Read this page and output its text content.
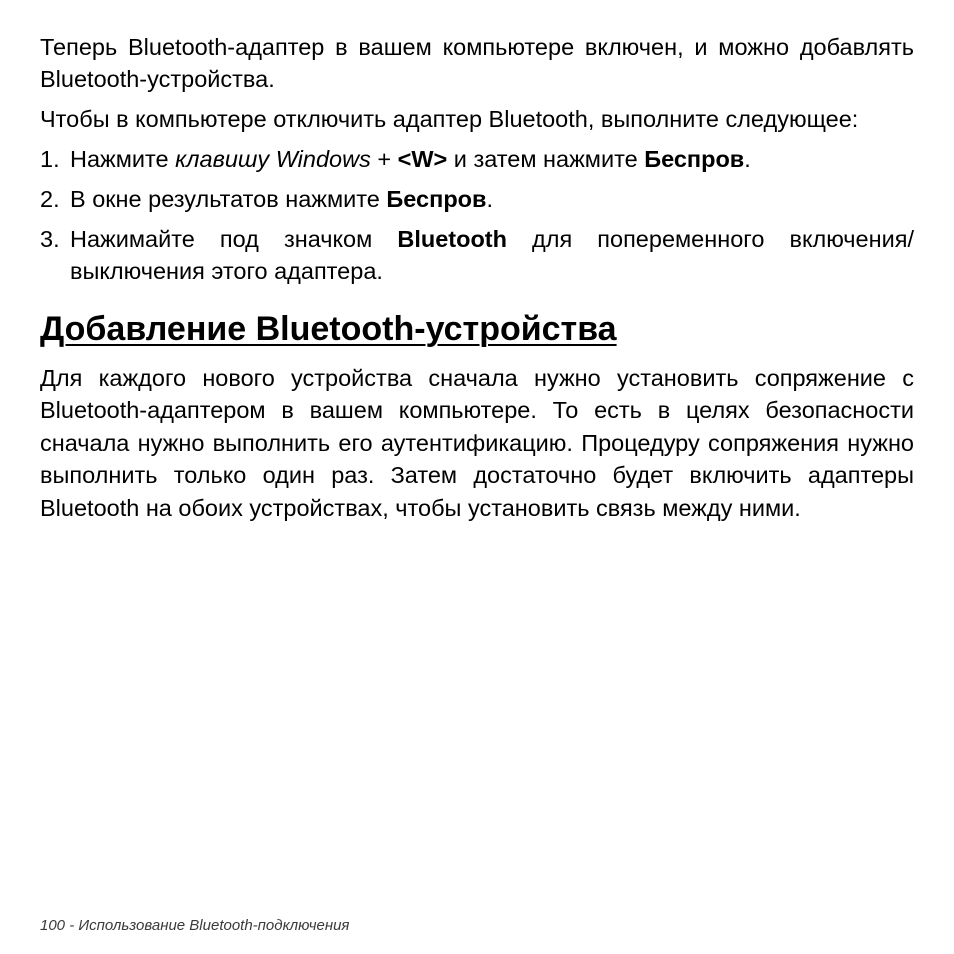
Теперь Bluetooth-адаптер в вашем компьютере включен, и можно добавлять Bluetooth-устройства.

Чтобы в компьютере отключить адаптер Bluetooth, выполните следующее:

1. Нажмите клавишу Windows + <W> и затем нажмите Беспров.
2. В окне результатов нажмите Беспров.
3. Нажимайте под значком Bluetooth для попеременного включения/ выключения этого адаптера.
Добавление Bluetooth-устройства

Для каждого нового устройства сначала нужно установить сопряжение с Bluetooth-адаптером в вашем компьютере. То есть в целях безопасности сначала нужно выполнить его аутентификацию. Процедуру сопряжения нужно выполнить только один раз. Затем достаточно будет включить адаптеры Bluetooth на обоих устройствах, чтобы установить связь между ними.

100 - Использование Bluetooth-подключения
